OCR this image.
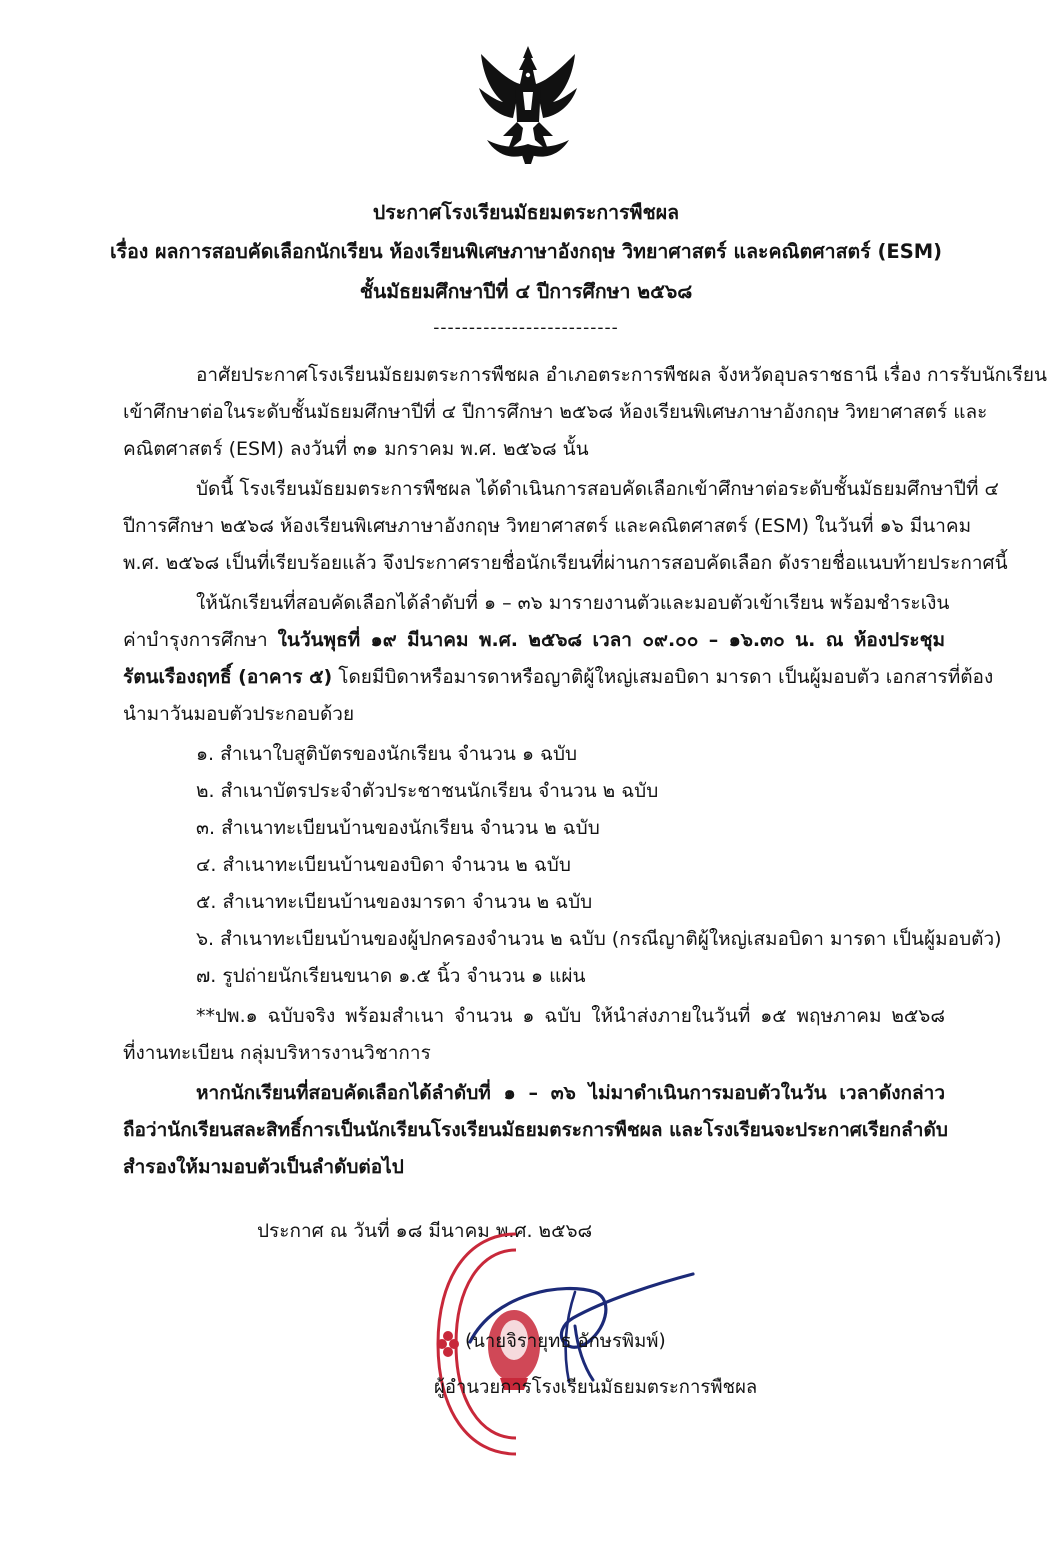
ประกาศโรงเรียนมัธยมตระการพืชผล
เรื่อง ผลการสอบคัดเลือกนักเรียน ห้องเรียนพิเศษภาษาอังกฤษ วิทยาศาสตร์ และคณิตศาสตร์ (ESM)
ชั้นมัธยมศึกษาปีที่ ๔ ปีการศึกษา ๒๕๖๘
--------------------------
อาศัยประกาศโรงเรียนมัธยมตระการพืชผล อำเภอตระการพืชผล จังหวัดอุบลราชธานี เรื่อง การรับนักเรียน
เข้าศึกษาต่อในระดับชั้นมัธยมศึกษาปีที่ ๔ ปีการศึกษา ๒๕๖๘ ห้องเรียนพิเศษภาษาอังกฤษ วิทยาศาสตร์ และ
คณิตศาสตร์ (ESM) ลงวันที่ ๓๑ มกราคม พ.ศ. ๒๕๖๘ นั้น
บัดนี้ โรงเรียนมัธยมตระการพืชผล ได้ดำเนินการสอบคัดเลือกเข้าศึกษาต่อระดับชั้นมัธยมศึกษาปีที่ ๔
ปีการศึกษา ๒๕๖๘ ห้องเรียนพิเศษภาษาอังกฤษ วิทยาศาสตร์ และคณิตศาสตร์ (ESM) ในวันที่ ๑๖ มีนาคม
พ.ศ. ๒๕๖๘ เป็นที่เรียบร้อยแล้ว จึงประกาศรายชื่อนักเรียนที่ผ่านการสอบคัดเลือก ดังรายชื่อแนบท้ายประกาศนี้
ให้นักเรียนที่สอบคัดเลือกได้ลำดับที่ ๑ – ๓๖ มารายงานตัวและมอบตัวเข้าเรียน พร้อมชำระเงิน
ค่าบำรุงการศึกษา ในวันพุธที่ ๑๙ มีนาคม พ.ศ. ๒๕๖๘ เวลา ๐๙.๐๐ – ๑๖.๓๐ น. ณ ห้องประชุม
รัตนเรืองฤทธิ์ (อาคาร ๕) โดยมีบิดาหรือมารดาหรือญาติผู้ใหญ่เสมอบิดา มารดา เป็นผู้มอบตัว เอกสารที่ต้อง
นำมาวันมอบตัวประกอบด้วย
๑. สำเนาใบสูติบัตรของนักเรียน จำนวน ๑ ฉบับ
๒. สำเนาบัตรประจำตัวประชาชนนักเรียน จำนวน ๒ ฉบับ
๓. สำเนาทะเบียนบ้านของนักเรียน จำนวน ๒ ฉบับ
๔. สำเนาทะเบียนบ้านของบิดา จำนวน ๒ ฉบับ
๕. สำเนาทะเบียนบ้านของมารดา จำนวน ๒ ฉบับ
๖. สำเนาทะเบียนบ้านของผู้ปกครองจำนวน ๒ ฉบับ (กรณีญาติผู้ใหญ่เสมอบิดา มารดา เป็นผู้มอบตัว)
๗. รูปถ่ายนักเรียนขนาด ๑.๕ นิ้ว จำนวน ๑ แผ่น
**ปพ.๑ ฉบับจริง พร้อมสำเนา จำนวน ๑ ฉบับ ให้นำส่งภายในวันที่ ๑๕ พฤษภาคม ๒๕๖๘
ที่งานทะเบียน กลุ่มบริหารงานวิชาการ
หากนักเรียนที่สอบคัดเลือกได้ลำดับที่ ๑ – ๓๖ ไม่มาดำเนินการมอบตัวในวัน เวลาดังกล่าว
ถือว่านักเรียนสละสิทธิ์การเป็นนักเรียนโรงเรียนมัธยมตระการพืชผล และโรงเรียนจะประกาศเรียกลำดับ
สำรองให้มามอบตัวเป็นลำดับต่อไป
ประกาศ ณ วันที่ ๑๘ มีนาคม พ.ศ. ๒๕๖๘
(นายจิรายุทธ อักษรพิมพ์)
ผู้อำนวยการโรงเรียนมัธยมตระการพืชผล
